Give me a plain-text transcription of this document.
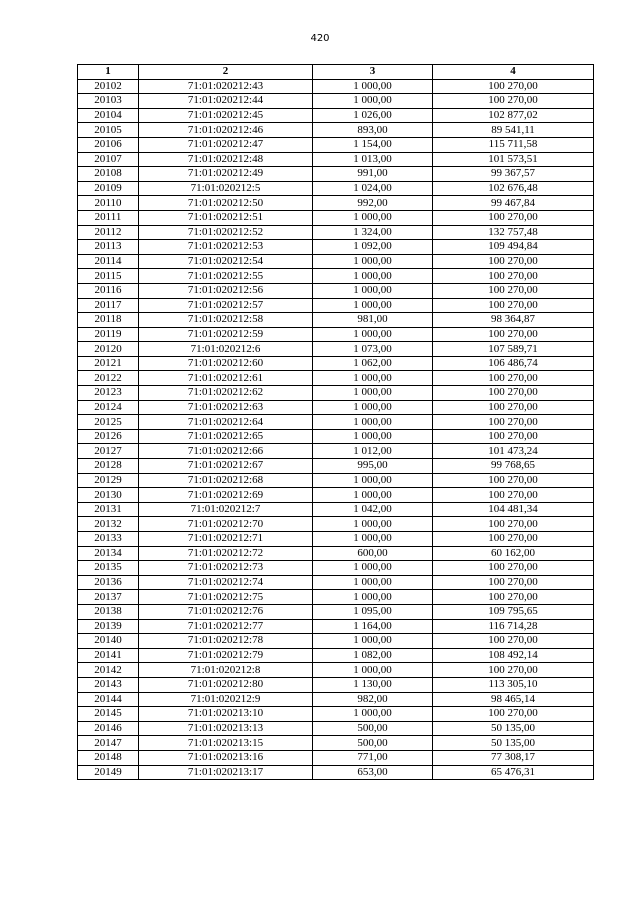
420
1	2	3	4
20102	71:01:020212:43	1 000,00	100 270,00
20103	71:01:020212:44	1 000,00	100 270,00
20104	71:01:020212:45	1 026,00	102 877,02
20105	71:01:020212:46	893,00	89 541,11
20106	71:01:020212:47	1 154,00	115 711,58
20107	71:01:020212:48	1 013,00	101 573,51
20108	71:01:020212:49	991,00	99 367,57
20109	71:01:020212:5	1 024,00	102 676,48
20110	71:01:020212:50	992,00	99 467,84
20111	71:01:020212:51	1 000,00	100 270,00
20112	71:01:020212:52	1 324,00	132 757,48
20113	71:01:020212:53	1 092,00	109 494,84
20114	71:01:020212:54	1 000,00	100 270,00
20115	71:01:020212:55	1 000,00	100 270,00
20116	71:01:020212:56	1 000,00	100 270,00
20117	71:01:020212:57	1 000,00	100 270,00
20118	71:01:020212:58	981,00	98 364,87
20119	71:01:020212:59	1 000,00	100 270,00
20120	71:01:020212:6	1 073,00	107 589,71
20121	71:01:020212:60	1 062,00	106 486,74
20122	71:01:020212:61	1 000,00	100 270,00
20123	71:01:020212:62	1 000,00	100 270,00
20124	71:01:020212:63	1 000,00	100 270,00
20125	71:01:020212:64	1 000,00	100 270,00
20126	71:01:020212:65	1 000,00	100 270,00
20127	71:01:020212:66	1 012,00	101 473,24
20128	71:01:020212:67	995,00	99 768,65
20129	71:01:020212:68	1 000,00	100 270,00
20130	71:01:020212:69	1 000,00	100 270,00
20131	71:01:020212:7	1 042,00	104 481,34
20132	71:01:020212:70	1 000,00	100 270,00
20133	71:01:020212:71	1 000,00	100 270,00
20134	71:01:020212:72	600,00	60 162,00
20135	71:01:020212:73	1 000,00	100 270,00
20136	71:01:020212:74	1 000,00	100 270,00
20137	71:01:020212:75	1 000,00	100 270,00
20138	71:01:020212:76	1 095,00	109 795,65
20139	71:01:020212:77	1 164,00	116 714,28
20140	71:01:020212:78	1 000,00	100 270,00
20141	71:01:020212:79	1 082,00	108 492,14
20142	71:01:020212:8	1 000,00	100 270,00
20143	71:01:020212:80	1 130,00	113 305,10
20144	71:01:020212:9	982,00	98 465,14
20145	71:01:020213:10	1 000,00	100 270,00
20146	71:01:020213:13	500,00	50 135,00
20147	71:01:020213:15	500,00	50 135,00
20148	71:01:020213:16	771,00	77 308,17
20149	71:01:020213:17	653,00	65 476,31
